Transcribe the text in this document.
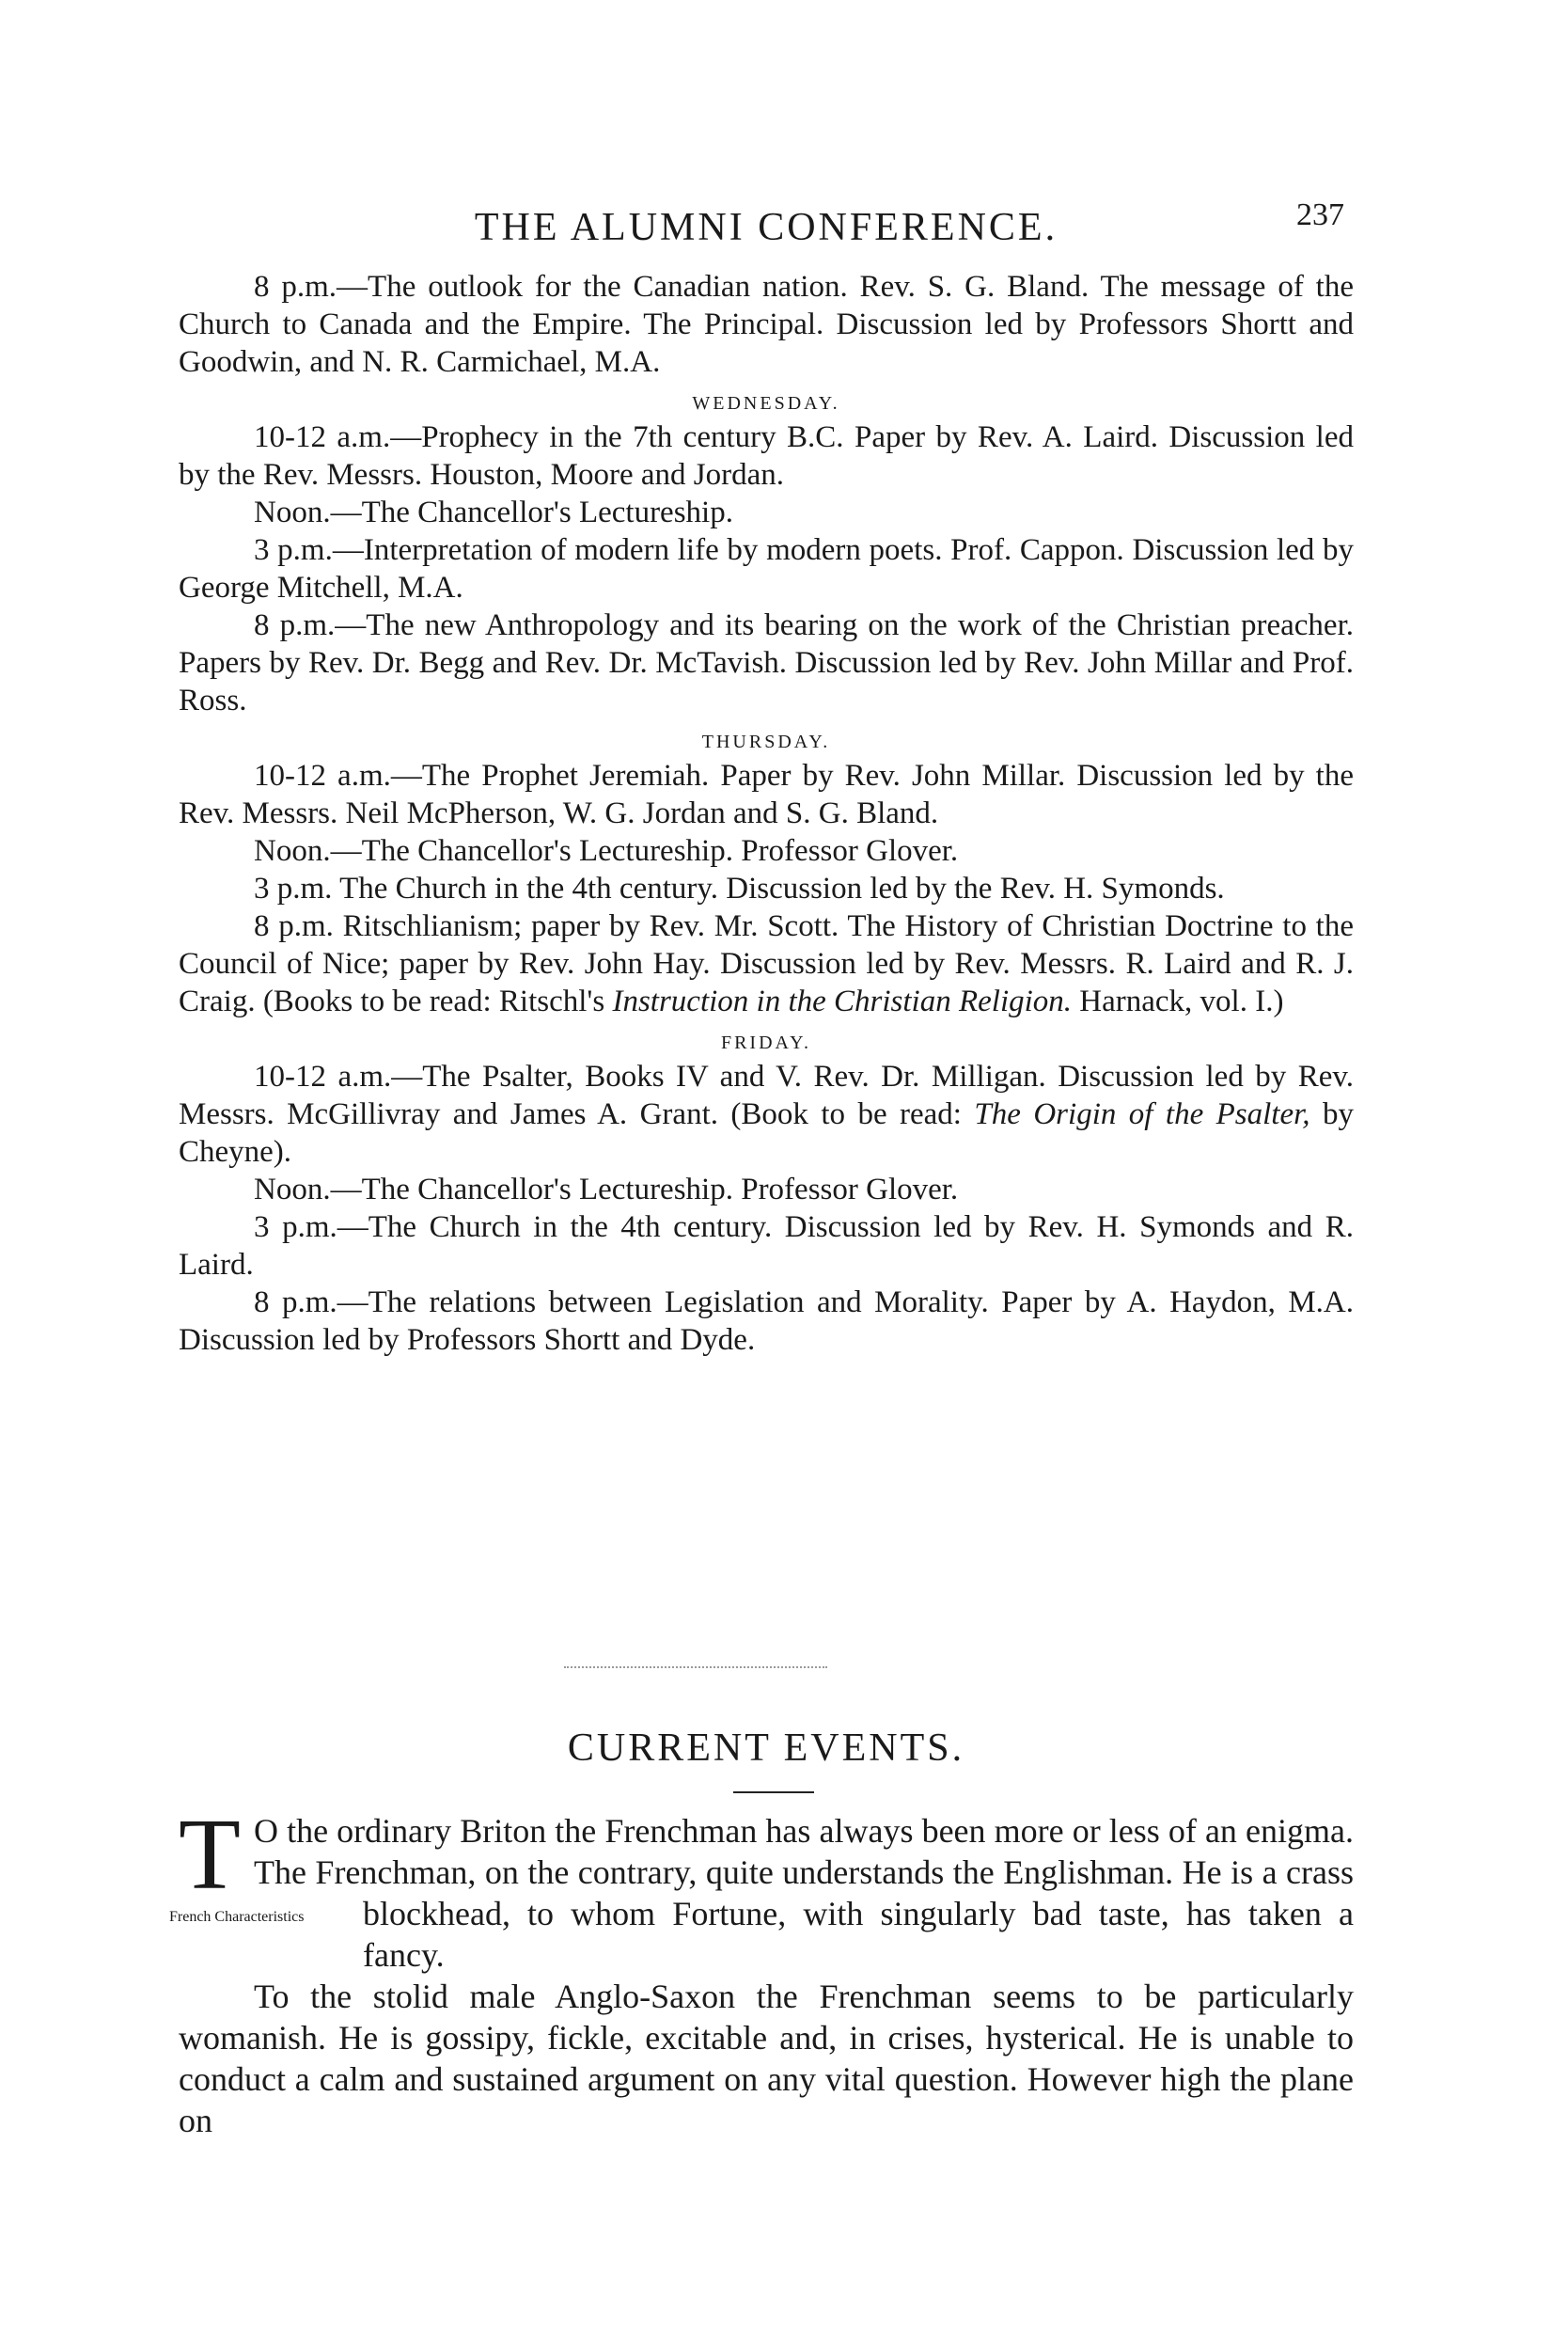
THE ALUMNI CONFERENCE.	237

8 p.m.—The outlook for the Canadian nation. Rev. S. G. Bland. The message of the Church to Canada and the Empire. The Principal. Discussion led by Professors Shortt and Goodwin, and N. R. Carmichael, M.A.

WEDNESDAY.

10-12 a.m.—Prophecy in the 7th century B.C. Paper by Rev. A. Laird. Discussion led by the Rev. Messrs. Houston, Moore and Jordan.

Noon.—The Chancellor's Lectureship.

3 p.m.—Interpretation of modern life by modern poets. Prof. Cappon. Discussion led by George Mitchell, M.A.

8 p.m.—The new Anthropology and its bearing on the work of the Christian preacher. Papers by Rev. Dr. Begg and Rev. Dr. McTavish. Discussion led by Rev. John Millar and Prof. Ross.

THURSDAY.

10-12 a.m.—The Prophet Jeremiah. Paper by Rev. John Millar. Discussion led by the Rev. Messrs. Neil McPherson, W. G. Jordan and S. G. Bland.

Noon.—The Chancellor's Lectureship. Professor Glover.

3 p.m. The Church in the 4th century. Discussion led by the Rev. H. Symonds.

8 p.m. Ritschlianism; paper by Rev. Mr. Scott. The History of Christian Doctrine to the Council of Nice; paper by Rev. John Hay. Discussion led by Rev. Messrs. R. Laird and R. J. Craig. (Books to be read: Ritschl's Instruction in the Christian Religion. Harnack, vol. I.)

FRIDAY.

10-12 a.m.—The Psalter, Books IV and V. Rev. Dr. Milligan. Discussion led by Rev. Messrs. McGillivray and James A. Grant. (Book to be read: The Origin of the Psalter, by Cheyne).

Noon.—The Chancellor's Lectureship. Professor Glover.

3 p.m.—The Church in the 4th century. Discussion led by Rev. H. Symonds and R. Laird.

8 p.m.—The relations between Legislation and Morality. Paper by A. Haydon, M.A. Discussion led by Professors Shortt and Dyde.

CURRENT EVENTS.

T
French Characteristics
O the ordinary Briton the Frenchman has always been more or less of an enigma. The Frenchman, on the contrary, quite understands the Englishman. He is a crass blockhead, to whom Fortune, with singularly bad taste, has taken a fancy.

To the stolid male Anglo-Saxon the Frenchman seems to be particularly womanish. He is gossipy, fickle, excitable and, in crises, hysterical. He is unable to conduct a calm and sustained argument on any vital question. However high the plane on
